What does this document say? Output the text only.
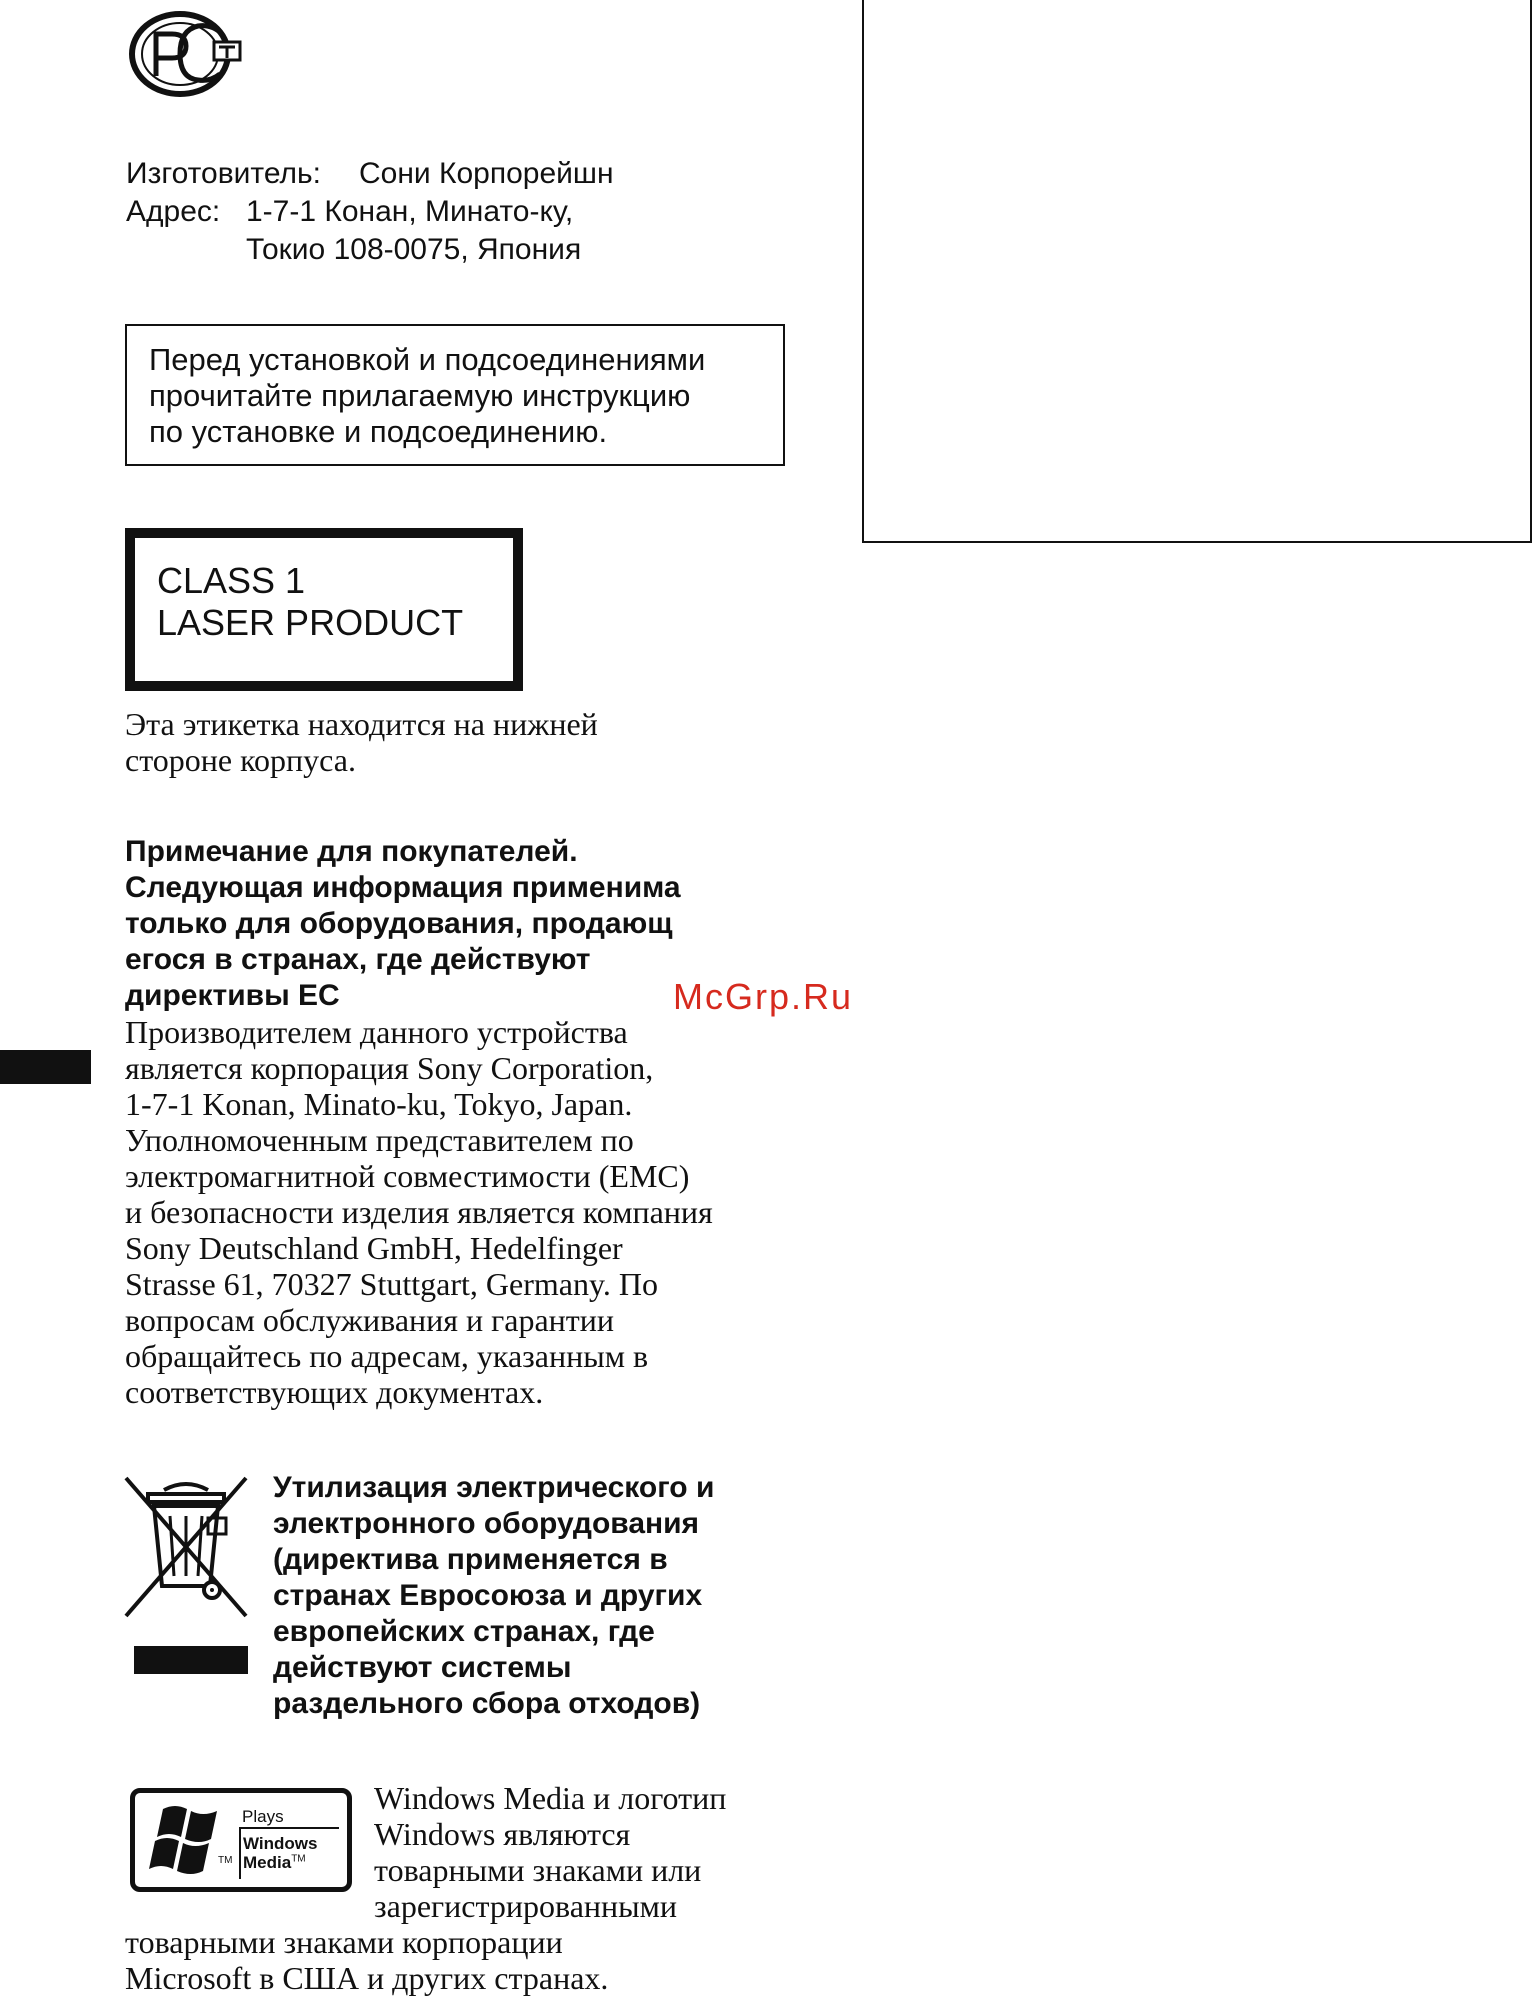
Изготовитель: Сони Корпорейшн
Адрес: 1-7-1 Конан, Минато-ку,
Токио 108-0075, Япония
Перед установкой и подсоединениями
прочитайте прилагаемую инструкцию
по установке и подсоединению.
CLASS 1
LASER PRODUCT
Эта этикетка находится на нижней
стороне корпуса.
Примечание для покупателей.
Следующая информация применима
только для оборудования, продающ
егося в странах, где действуют
директивы ЕС
Производителем данного устройства
является корпорация Sony Corporation,
1-7-1 Konan, Minato-ku, Tokyo, Japan.
Уполномоченным представителем по
электромагнитной совместимости (EMC)
и безопасности изделия является компания
Sony Deutschland GmbH, Hedelfinger
Strasse 61, 70327 Stuttgart, Germany. По
вопросам обслуживания и гарантии
обращайтесь по адресам, указанным в
соответствующих документах.
McGrp.Ru
Утилизация электрического и
электронного оборудования
(директива применяется в
странах Евросоюза и других
европейских странах, где
действуют системы
раздельного сбора отходов)
TM
Plays
Windows
Media™
Windows Media и логотип
Windows являются
товарными знаками или
зарегистрированными
товарными знаками корпорации
Microsoft в США и других странах.
